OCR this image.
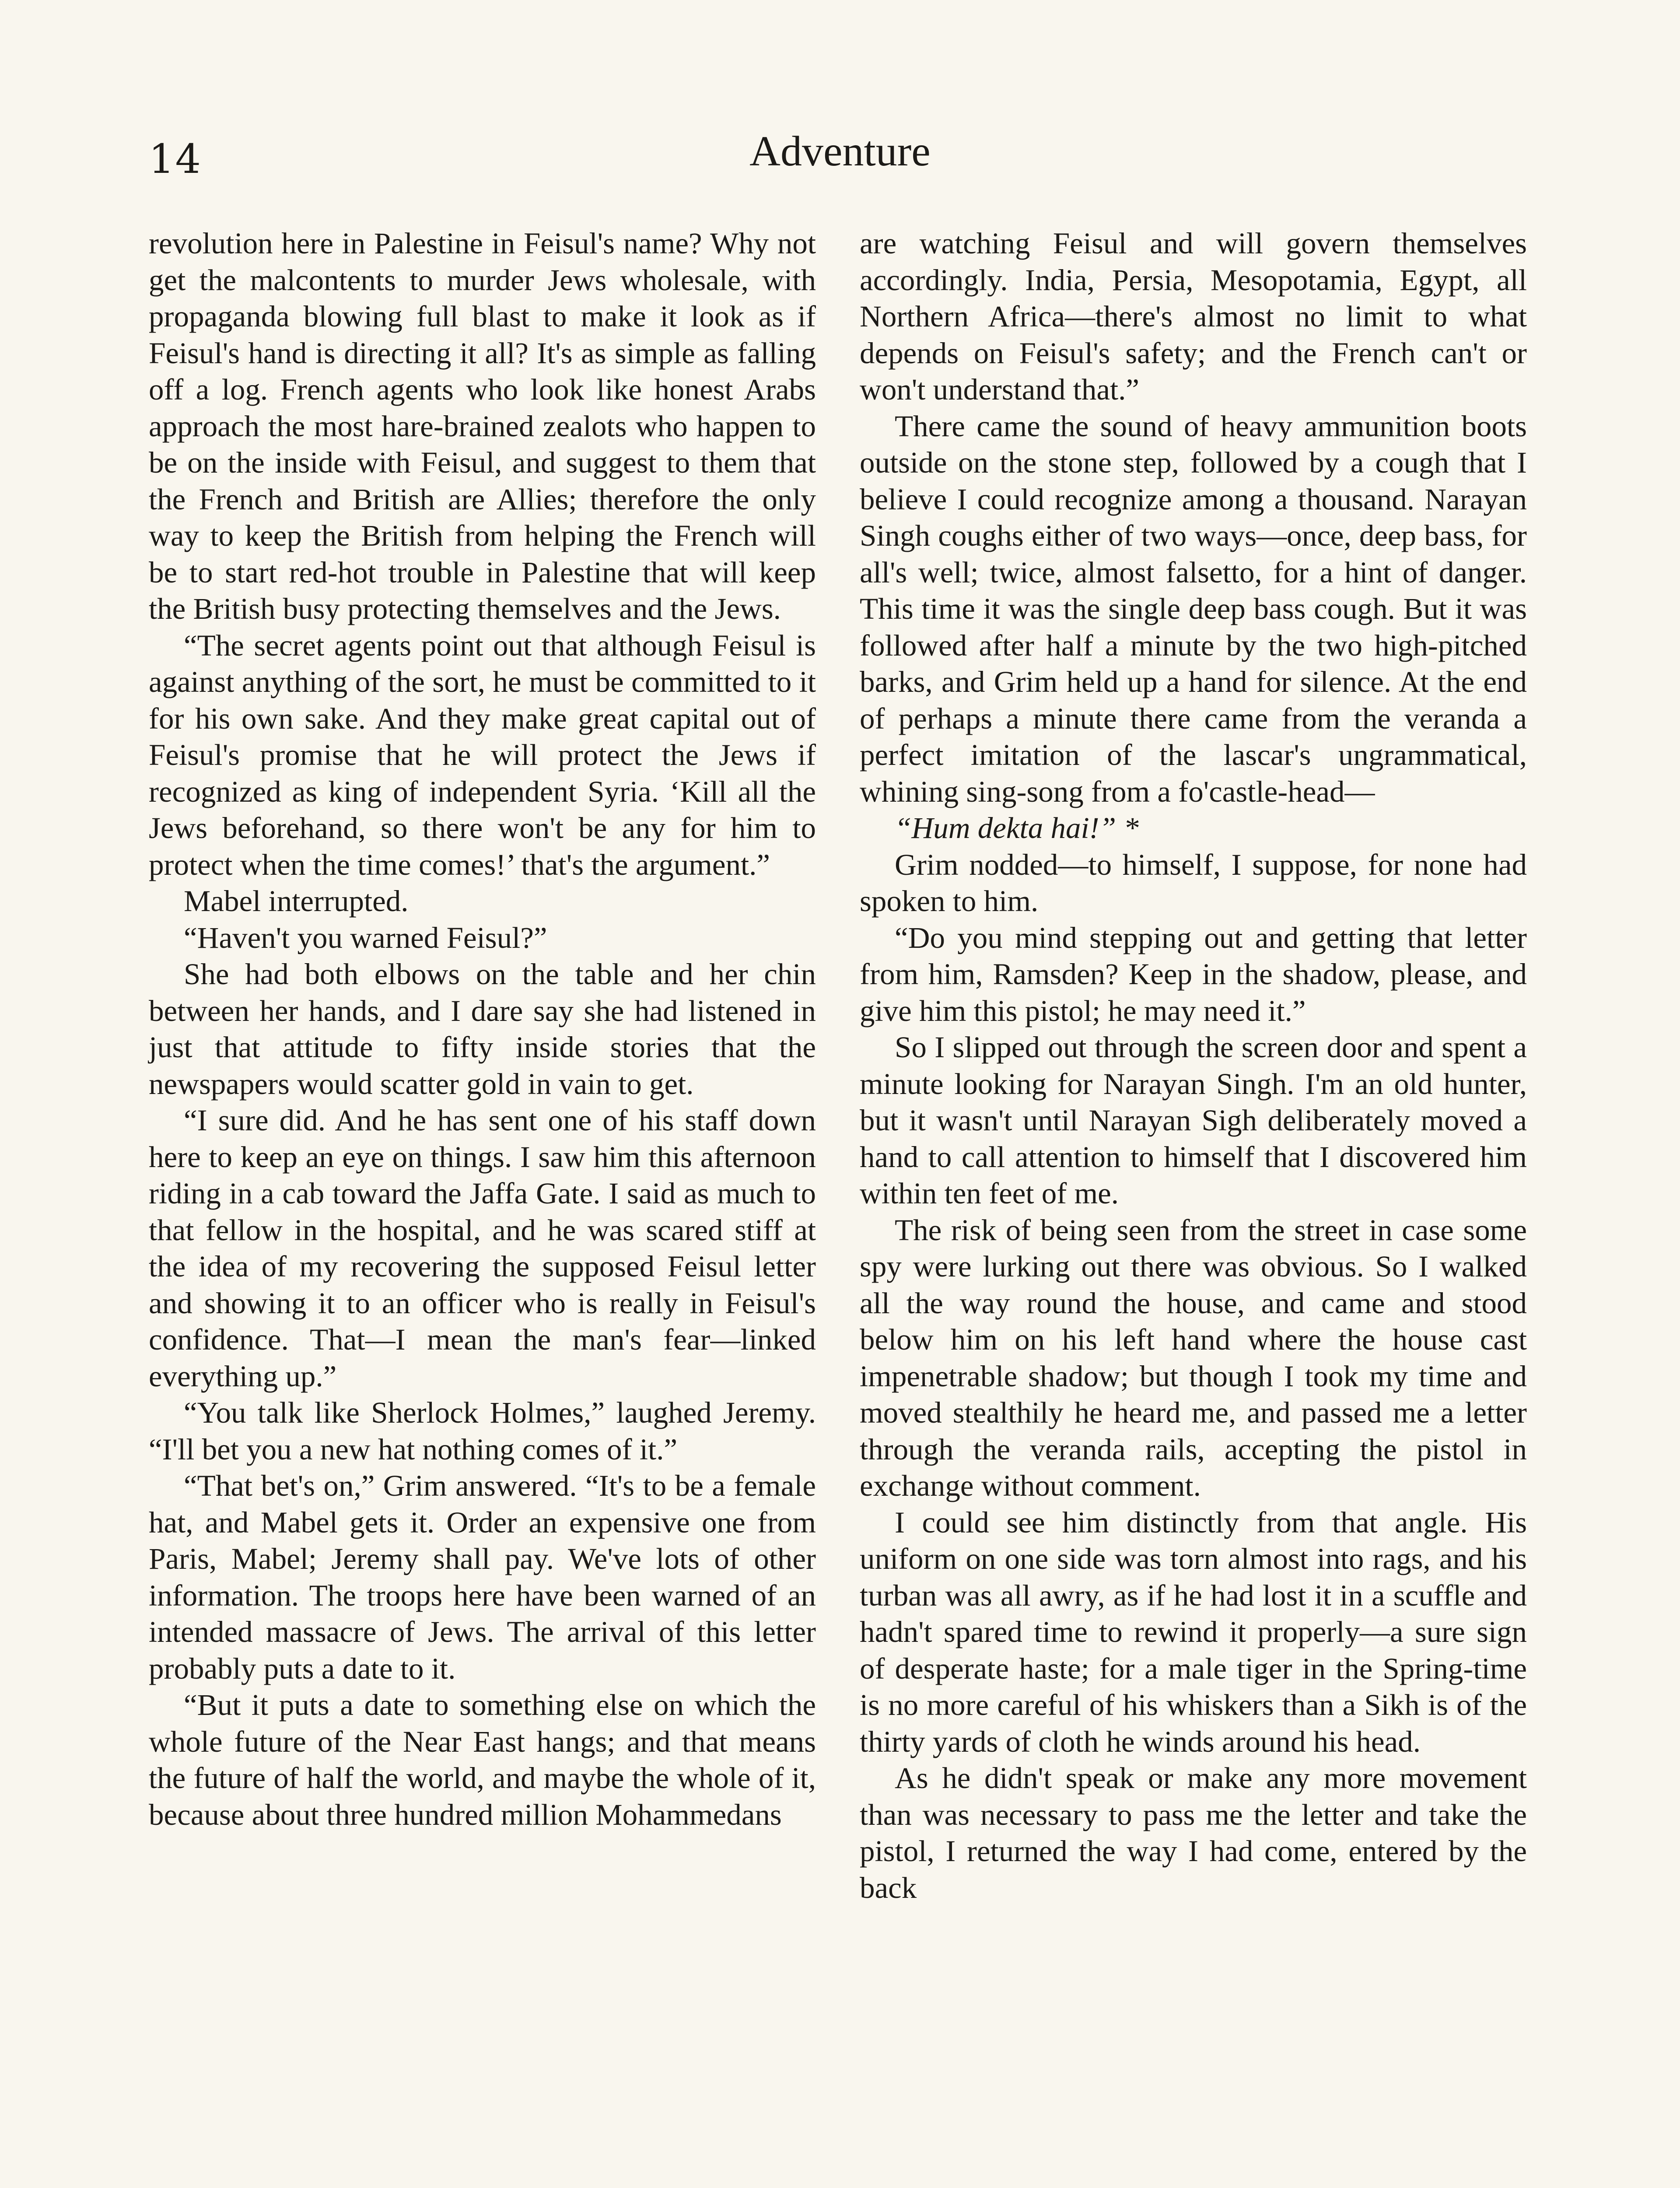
14	Adventure

revolution here in Palestine in Feisul's name? Why not get the malcontents to murder Jews wholesale, with propaganda blowing full blast to make it look as if Feisul's hand is directing it all? It's as simple as falling off a log. French agents who look like honest Arabs approach the most hare-brained zealots who happen to be on the inside with Feisul, and suggest to them that the French and British are Allies; therefore the only way to keep the British from helping the French will be to start red-hot trouble in Palestine that will keep the British busy protecting themselves and the Jews.

“The secret agents point out that although Feisul is against anything of the sort, he must be committed to it for his own sake. And they make great capital out of Feisul's promise that he will protect the Jews if recognized as king of independent Syria. ‘Kill all the Jews beforehand, so there won't be any for him to protect when the time comes!’ that's the argument.”

Mabel interrupted.

“Haven't you warned Feisul?”

She had both elbows on the table and her chin between her hands, and I dare say she had listened in just that attitude to fifty inside stories that the newspapers would scatter gold in vain to get.

“I sure did. And he has sent one of his staff down here to keep an eye on things. I saw him this afternoon riding in a cab toward the Jaffa Gate. I said as much to that fellow in the hospital, and he was scared stiff at the idea of my recovering the supposed Feisul letter and showing it to an officer who is really in Feisul's confidence. That—I mean the man's fear—linked everything up.”

“You talk like Sherlock Holmes,” laughed Jeremy. “I'll bet you a new hat nothing comes of it.”

“That bet's on,” Grim answered. “It's to be a female hat, and Mabel gets it. Order an expensive one from Paris, Mabel; Jeremy shall pay. We've lots of other information. The troops here have been warned of an intended massacre of Jews. The arrival of this letter probably puts a date to it.

“But it puts a date to something else on which the whole future of the Near East hangs; and that means the future of half the world, and maybe the whole of it, because about three hundred million Mohammedans

are watching Feisul and will govern themselves accordingly. India, Persia, Mesopotamia, Egypt, all Northern Africa—there's almost no limit to what depends on Feisul's safety; and the French can't or won't understand that.”

There came the sound of heavy ammunition boots outside on the stone step, followed by a cough that I believe I could recognize among a thousand. Narayan Singh coughs either of two ways—once, deep bass, for all's well; twice, almost falsetto, for a hint of danger. This time it was the single deep bass cough. But it was followed after half a minute by the two high-pitched barks, and Grim held up a hand for silence. At the end of perhaps a minute there came from the veranda a perfect imitation of the lascar's ungrammatical, whining sing-song from a fo'castle-head—

“Hum dekta hai!” *

Grim nodded—to himself, I suppose, for none had spoken to him.

“Do you mind stepping out and getting that letter from him, Ramsden? Keep in the shadow, please, and give him this pistol; he may need it.”

So I slipped out through the screen door and spent a minute looking for Narayan Singh. I'm an old hunter, but it wasn't until Narayan Sigh deliberately moved a hand to call attention to himself that I discovered him within ten feet of me.

The risk of being seen from the street in case some spy were lurking out there was obvious. So I walked all the way round the house, and came and stood below him on his left hand where the house cast impenetrable shadow; but though I took my time and moved stealthily he heard me, and passed me a letter through the veranda rails, accepting the pistol in exchange without comment.

I could see him distinctly from that angle. His uniform on one side was torn almost into rags, and his turban was all awry, as if he had lost it in a scuffle and hadn't spared time to rewind it properly—a sure sign of desperate haste; for a male tiger in the Spring-time is no more careful of his whiskers than a Sikh is of the thirty yards of cloth he winds around his head.

As he didn't speak or make any more movement than was necessary to pass me the letter and take the pistol, I returned the way I had come, entered by the back
